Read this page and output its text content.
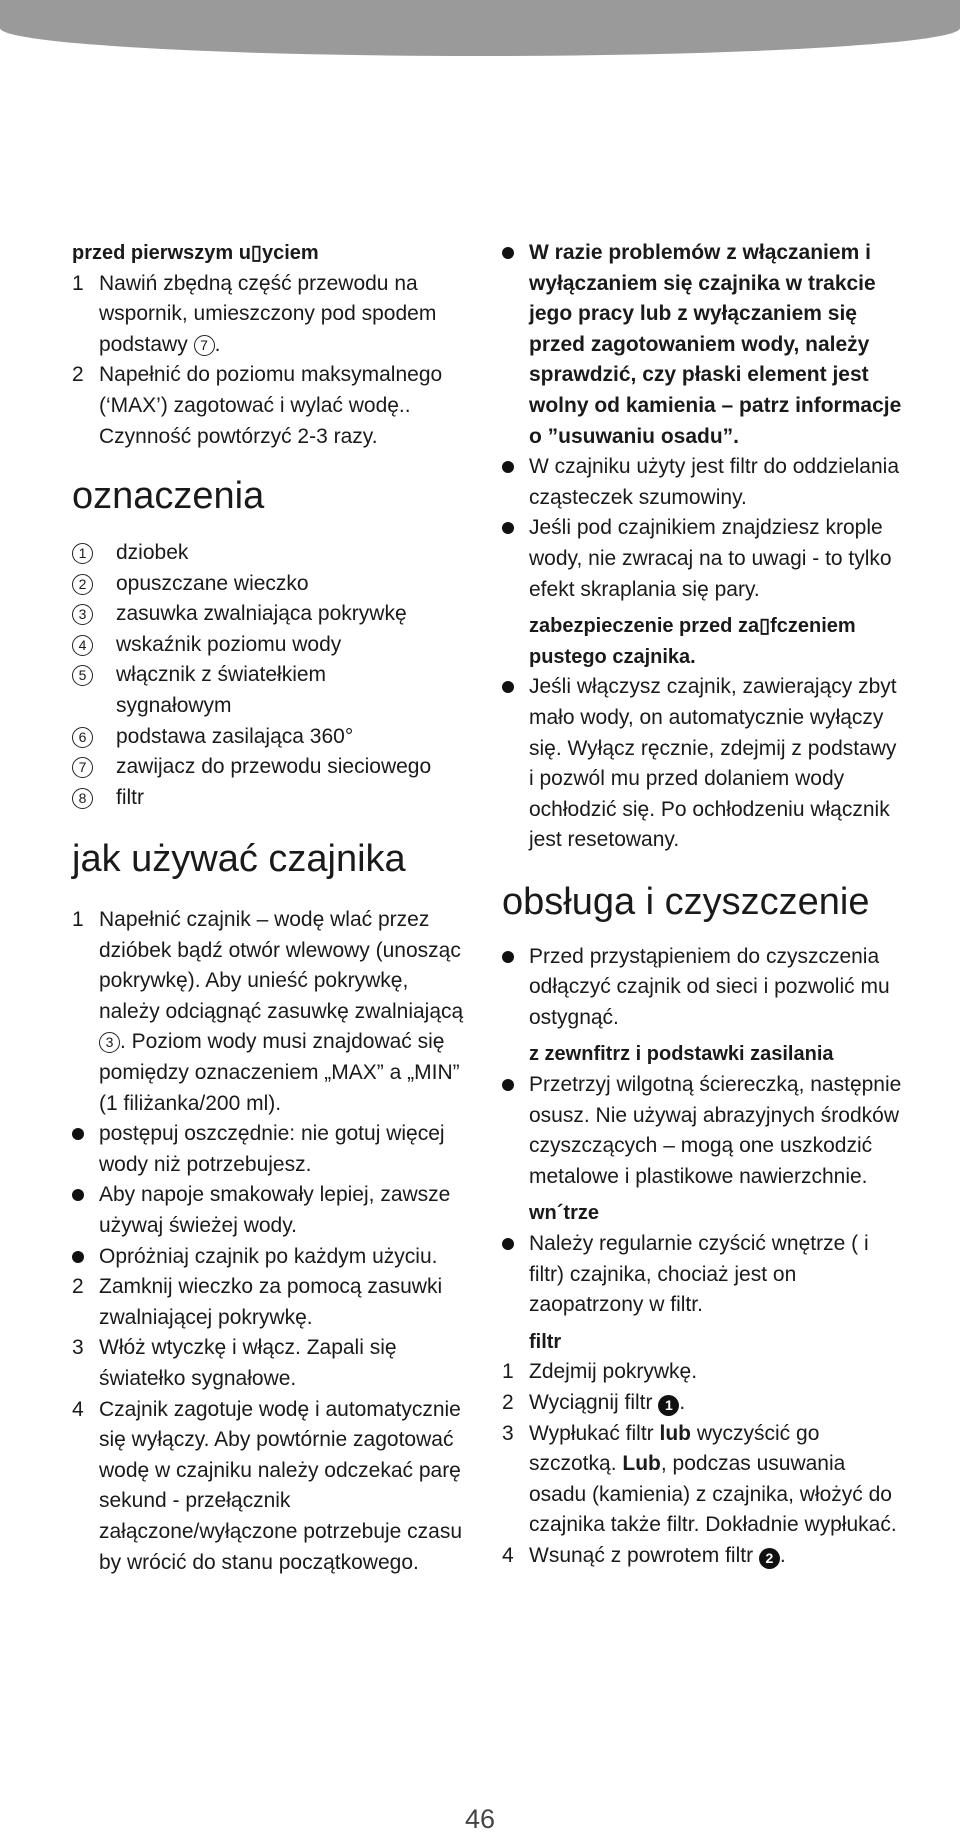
przed pierwszym u▯yciem
1 Nawiń zbędną część przewodu na wspornik, umieszczony pod spodem podstawy 7 .
2 Napełnić do poziomu maksymalnego (‘MAX’) zagotować i wylać wodę.. Czynność powtórzyć 2-3 razy.
oznaczenia
1	dziobek
2	opuszczane wieczko
3	zasuwka zwalniająca pokrywkę
4	wskaźnik poziomu wody
5	włącznik z światełkiem sygnałowym
6	podstawa zasilająca 360°
7	zawijacz do przewodu sieciowego
8	filtr
jak używać czajnika
1 Napełnić czajnik – wodę wlać przez dzióbek bądź otwór wlewowy (unosząc pokrywkę). Aby unieść pokrywkę, należy odciągnąć zasuwkę zwalniającą 3 . Poziom wody musi znajdować się pomiędzy oznaczeniem „MAX” a „MIN” (1 filiżanka/200 ml).
postępuj oszczędnie: nie gotuj więcej wody niż potrzebujesz.
Aby napoje smakowały lepiej, zawsze używaj świeżej wody.
Opróżniaj czajnik po każdym użyciu.
2 Zamknij wieczko za pomocą zasuwki zwalniającej pokrywkę.
3 Włóż wtyczkę i włącz. Zapali się światełko sygnałowe.
4 Czajnik zagotuje wodę i automatycznie się wyłączy. Aby powtórnie zagotować wodę w czajniku należy odczekać parę sekund - przełącznik załączone/wyłączone potrzebuje czasu by wrócić do stanu początkowego.
W razie problemów z włączaniem i wyłączaniem się czajnika w trakcie jego pracy lub z wyłączaniem się przed zagotowaniem wody, należy sprawdzić, czy płaski element jest wolny od kamienia – patrz informacje o ”usuwaniu osadu”.
W czajniku użyty jest filtr do oddzielania cząsteczek szumowiny.
Jeśli pod czajnikiem znajdziesz krople wody, nie zwracaj na to uwagi - to tylko efekt skraplania się pary.
zabezpieczenie przed za▯fczeniem pustego czajnika.
Jeśli włączysz czajnik, zawierający zbyt mało wody, on automatycznie wyłączy się. Wyłącz ręcznie, zdejmij z podstawy i pozwól mu przed dolaniem wody ochłodzić się. Po ochłodzeniu włącznik jest resetowany.
obsługa i czyszczenie
Przed przystąpieniem do czyszczenia odłączyć czajnik od sieci i pozwolić mu ostygnąć.
z zewnfitrz i podstawki zasilania
Przetrzyj wilgotną ściereczką, następnie osusz. Nie używaj abrazyjnych środków czyszczących – mogą one uszkodzić metalowe i plastikowe nawierzchnie.
wn´trze
Należy regularnie czyścić wnętrze ( i filtr) czajnika, chociaż jest on zaopatrzony w filtr.
filtr
1 Zdejmij pokrywkę.
2 Wyciągnij filtr 1 .
3 Wypłukać filtr lub wyczyścić go szczotką. Lub, podczas usuwania osadu (kamienia) z czajnika, włożyć do czajnika także filtr. Dokładnie wypłukać.
4 Wsunąć z powrotem filtr 2 .
46
